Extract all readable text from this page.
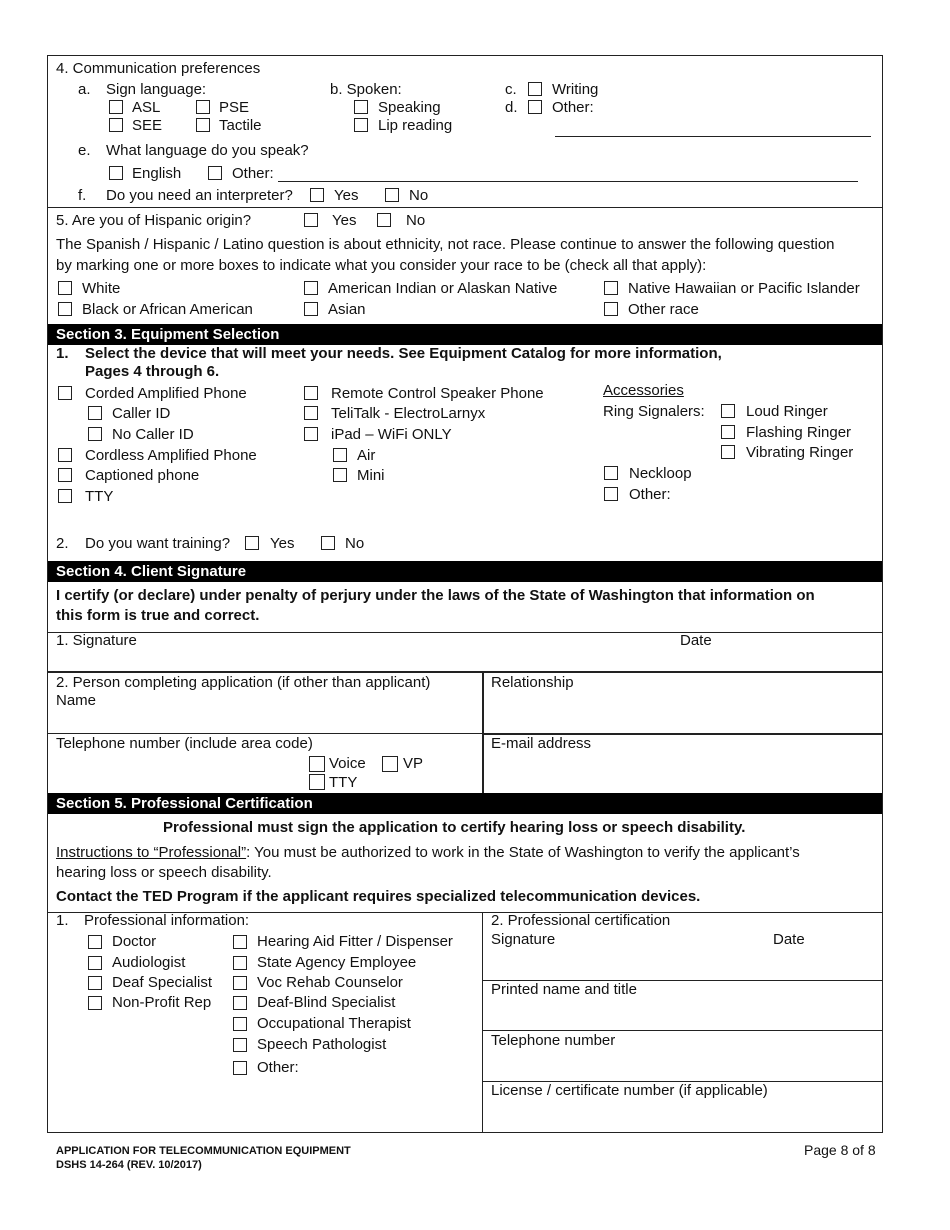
4. Communication preferences
a. Sign language:
ASL	PSE
SEE	Tactile
b. Spoken:
Speaking
Lip reading
c. Writing
d. Other:
e. What language do you speak?
English	Other:
f. Do you need an interpreter?	Yes	No
5. Are you of Hispanic origin?	Yes	No
The Spanish / Hispanic / Latino question is about ethnicity, not race. Please continue to answer the following question
by marking one or more boxes to indicate what you consider your race to be (check all that apply):
White
Black or African American
American Indian or Alaskan Native
Asian
Native Hawaiian or Pacific Islander
Other race
Section 3. Equipment Selection
1. Select the device that will meet your needs. See Equipment Catalog for more information,
Pages 4 through 6.
Corded Amplified Phone
Caller ID
No Caller ID
Cordless Amplified Phone
Captioned phone
TTY
Remote Control Speaker Phone
TeliTalk - ElectroLarnyx
iPad – WiFi ONLY
Air
Mini
Accessories
Ring Signalers:	Loud Ringer
Flashing Ringer
Vibrating Ringer
Neckloop
Other:
2. Do you want training?	Yes	No
Section 4. Client Signature
I certify (or declare) under penalty of perjury under the laws of the State of Washington that information on
this form is true and correct.
1. Signature	Date
2. Person completing application (if other than applicant)
Name
Relationship
Telephone number (include area code)
Voice VP
TTY
E-mail address
Section 5. Professional Certification
Professional must sign the application to certify hearing loss or speech disability.
Instructions to “Professional”: You must be authorized to work in the State of Washington to verify the applicant’s
hearing loss or speech disability.
Contact the TED Program if the applicant requires specialized telecommunication devices.
1. Professional information:
Doctor
Audiologist
Deaf Specialist
Non-Profit Rep
Hearing Aid Fitter / Dispenser
State Agency Employee
Voc Rehab Counselor
Deaf-Blind Specialist
Occupational Therapist
Speech Pathologist
Other:
2. Professional certification
Signature	Date
Printed name and title
Telephone number
License / certificate number (if applicable)
APPLICATION FOR TELECOMMUNICATION EQUIPMENT
DSHS 14-264 (REV. 10/2017)
Page 8 of 8
